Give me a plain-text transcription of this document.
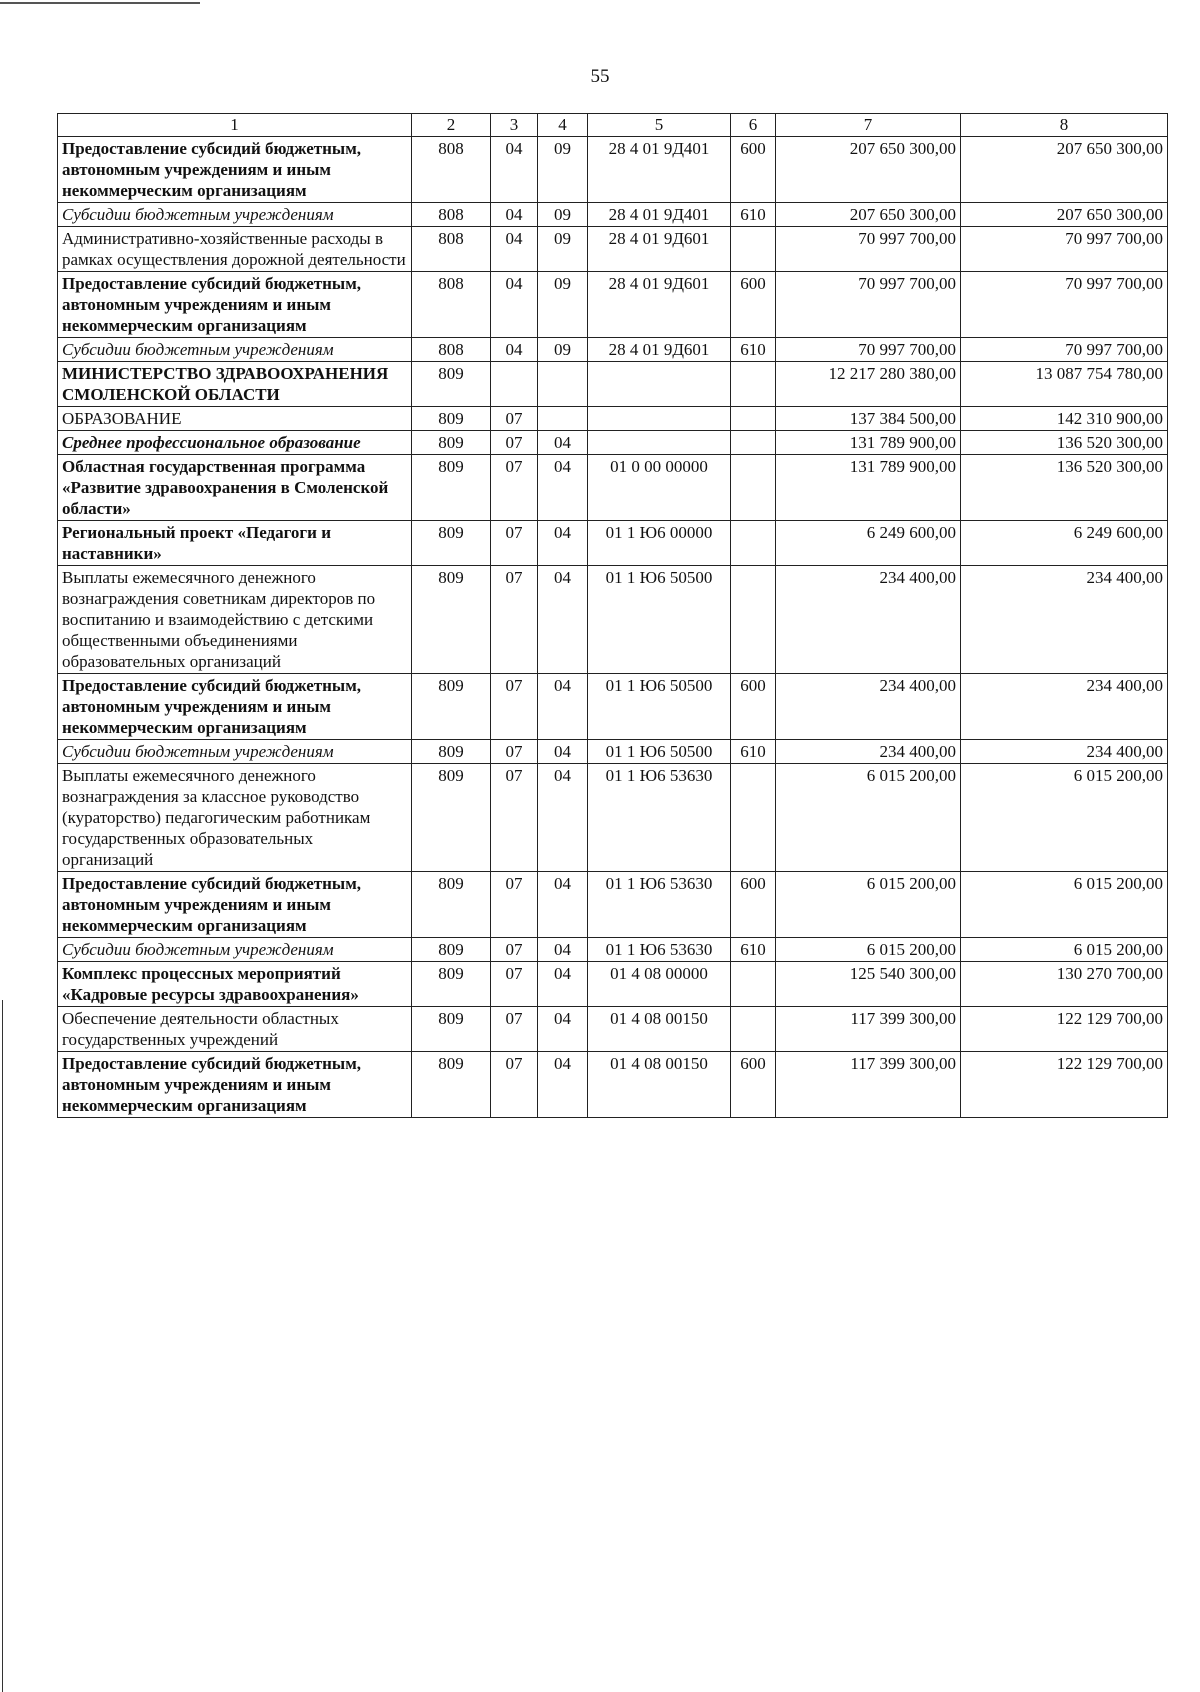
55
1	2	3	4	5	6	7	8
Предоставление субсидий бюджетным, автономным учреждениям и иным некоммерческим организациям	808	04	09	28 4 01 9Д401	600	207 650 300,00	207 650 300,00
Субсидии бюджетным учреждениям	808	04	09	28 4 01 9Д401	610	207 650 300,00	207 650 300,00
Административно-хозяйственные расходы в рамках осуществления дорожной деятельности	808	04	09	28 4 01 9Д601		70 997 700,00	70 997 700,00
Предоставление субсидий бюджетным, автономным учреждениям и иным некоммерческим организациям	808	04	09	28 4 01 9Д601	600	70 997 700,00	70 997 700,00
Субсидии бюджетным учреждениям	808	04	09	28 4 01 9Д601	610	70 997 700,00	70 997 700,00
МИНИСТЕРСТВО ЗДРАВООХРАНЕНИЯ СМОЛЕНСКОЙ ОБЛАСТИ	809					12 217 280 380,00	13 087 754 780,00
ОБРАЗОВАНИЕ	809	07				137 384 500,00	142 310 900,00
Среднее профессиональное образование	809	07	04			131 789 900,00	136 520 300,00
Областная государственная программа «Развитие здравоохранения в Смоленской области»	809	07	04	01 0 00 00000		131 789 900,00	136 520 300,00
Региональный проект «Педагоги и наставники»	809	07	04	01 1 Ю6 00000		6 249 600,00	6 249 600,00
Выплаты ежемесячного денежного вознаграждения советникам директоров по воспитанию и взаимодействию с детскими общественными объединениями образовательных организаций	809	07	04	01 1 Ю6 50500		234 400,00	234 400,00
Предоставление субсидий бюджетным, автономным учреждениям и иным некоммерческим организациям	809	07	04	01 1 Ю6 50500	600	234 400,00	234 400,00
Субсидии бюджетным учреждениям	809	07	04	01 1 Ю6 50500	610	234 400,00	234 400,00
Выплаты ежемесячного денежного вознаграждения за классное руководство (кураторство) педагогическим работникам государственных образовательных организаций	809	07	04	01 1 Ю6 53630		6 015 200,00	6 015 200,00
Предоставление субсидий бюджетным, автономным учреждениям и иным некоммерческим организациям	809	07	04	01 1 Ю6 53630	600	6 015 200,00	6 015 200,00
Субсидии бюджетным учреждениям	809	07	04	01 1 Ю6 53630	610	6 015 200,00	6 015 200,00
Комплекс процессных мероприятий «Кадровые ресурсы здравоохранения»	809	07	04	01 4 08 00000		125 540 300,00	130 270 700,00
Обеспечение деятельности областных государственных учреждений	809	07	04	01 4 08 00150		117 399 300,00	122 129 700,00
Предоставление субсидий бюджетным, автономным учреждениям и иным некоммерческим организациям	809	07	04	01 4 08 00150	600	117 399 300,00	122 129 700,00
